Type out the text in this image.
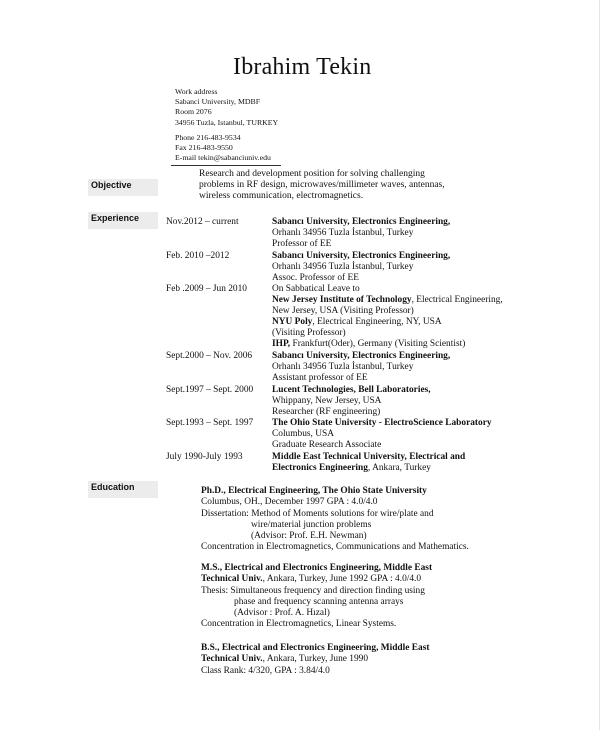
Ibrahim Tekin
Work address
Sabanci University, MDBF
Room 2076
34956 Tuzla, Istanbul, TURKEY
Phone 216-483-9534
Fax 216-483-9550
E-mail tekin@sabanciuniv.edu
Objective
Research and development position for solving challenging
problems in RF design, microwaves/millimeter waves, antennas,
wireless communication, electromagnetics.
Experience	Nov.2012 – current	Sabancı University, Electronics Engineering,
Orhanlı 34956 Tuzla İstanbul, Turkey
Professor of EE
Feb. 2010 –2012	Sabancı University, Electronics Engineering,
Orhanlı 34956 Tuzla İstanbul, Turkey
Assoc. Professor of EE
Feb .2009 – Jun 2010	On Sabbatical Leave to
New Jersey Institute of Technology, Electrical Engineering,
New Jersey, USA (Visiting Professor)
NYU Poly, Electrical Engineering, NY, USA
(Visiting Professor)
IHP, Frankfurt(Oder), Germany (Visiting Scientist)
Sept.2000 – Nov. 2006 Sabancı University, Electronics Engineering,
Orhanlı 34956 Tuzla İstanbul, Turkey
Assistant professor of EE
Sept.1997 – Sept. 2000 Lucent Technologies, Bell Laboratories,
Whippany, New Jersey, USA
Researcher (RF engineering)
Sept.1993 – Sept. 1997 The Ohio State University - ElectroScience Laboratory
Columbus, USA
Graduate Research Associate
July 1990-July 1993	Middle East Technical University, Electrical and
Electronics Engineering, Ankara, Turkey
Education	Ph.D., Electrical Engineering, The Ohio State University
Columbus, OH., December 1997 GPA : 4.0/4.0
Dissertation: Method of Moments solutions for wire/plate and
wire/material junction problems
(Advisor: Prof. E.H. Newman)
Concentration in Electromagnetics, Communications and Mathematics.
M.S., Electrical and Electronics Engineering, Middle East
Technical Univ., Ankara, Turkey, June 1992 GPA : 4.0/4.0
Thesis: Simultaneous frequency and direction finding using
phase and frequency scanning antenna arrays
(Advisor : Prof. A. Hızal)
Concentration in Electromagnetics, Linear Systems.
B.S., Electrical and Electronics Engineering, Middle East
Technical Univ., Ankara, Turkey, June 1990
Class Rank: 4/320, GPA : 3.84/4.0
